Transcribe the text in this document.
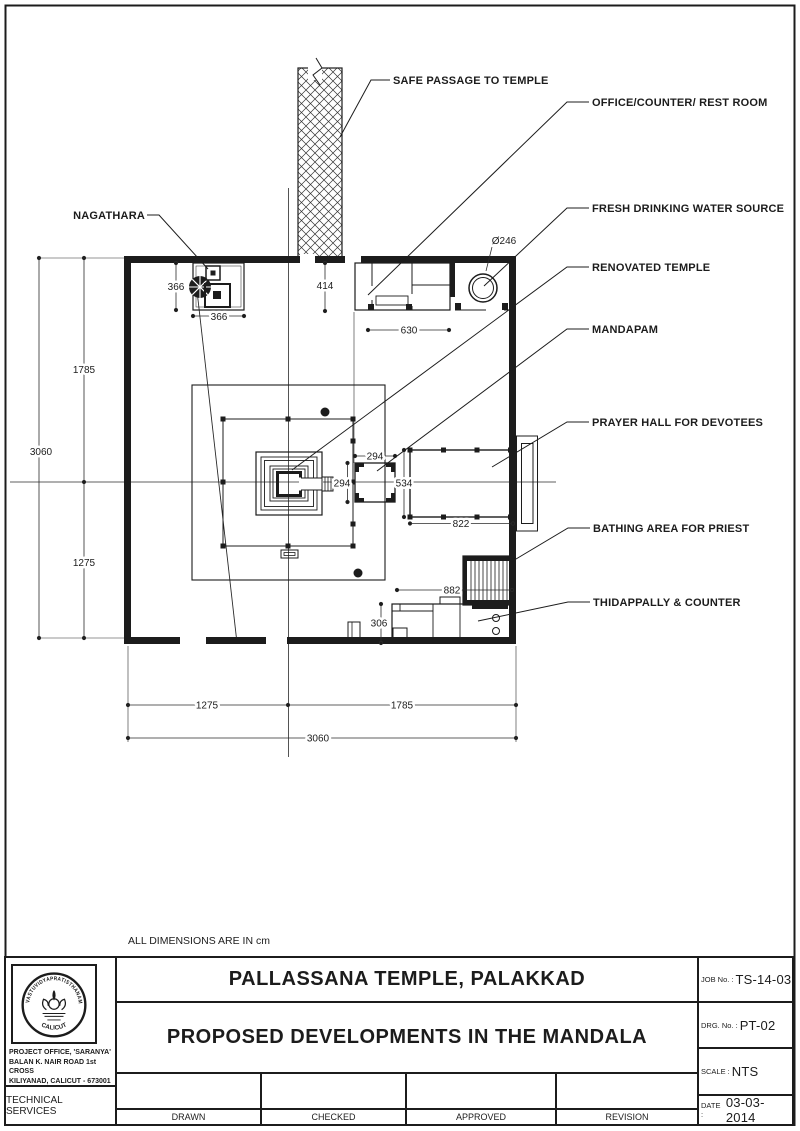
366
366
414
630
Ø246
294
294	534
822
882
306
3060
1785
1275
1275	1785
3060
SAFE PASSAGE TO TEMPLE
OFFICE/COUNTER/ REST ROOM
FRESH DRINKING WATER SOURCE
RENOVATED TEMPLE
MANDAPAM
PRAYER HALL FOR DEVOTEES
BATHING AREA FOR PRIEST
THIDAPPALLY & COUNTER
NAGATHARA
ALL DIMENSIONS ARE IN cm
VASTUVIDYAPRATISTHANAM
CALICUT
PROJECT OFFICE, 'SARANYA'
BALAN K. NAIR ROAD 1st CROSS
KILIYANAD, CALICUT - 673001
TECHNICAL SERVICES
PALLASSANA TEMPLE, PALAKKAD
PROPOSED DEVELOPMENTS IN THE MANDALA
DRAWN	CHECKED	APPROVED	REVISION
JOB No. : TS-14-03
DRG. No. : PT-02
SCALE : NTS
DATE :
03-03-2014
